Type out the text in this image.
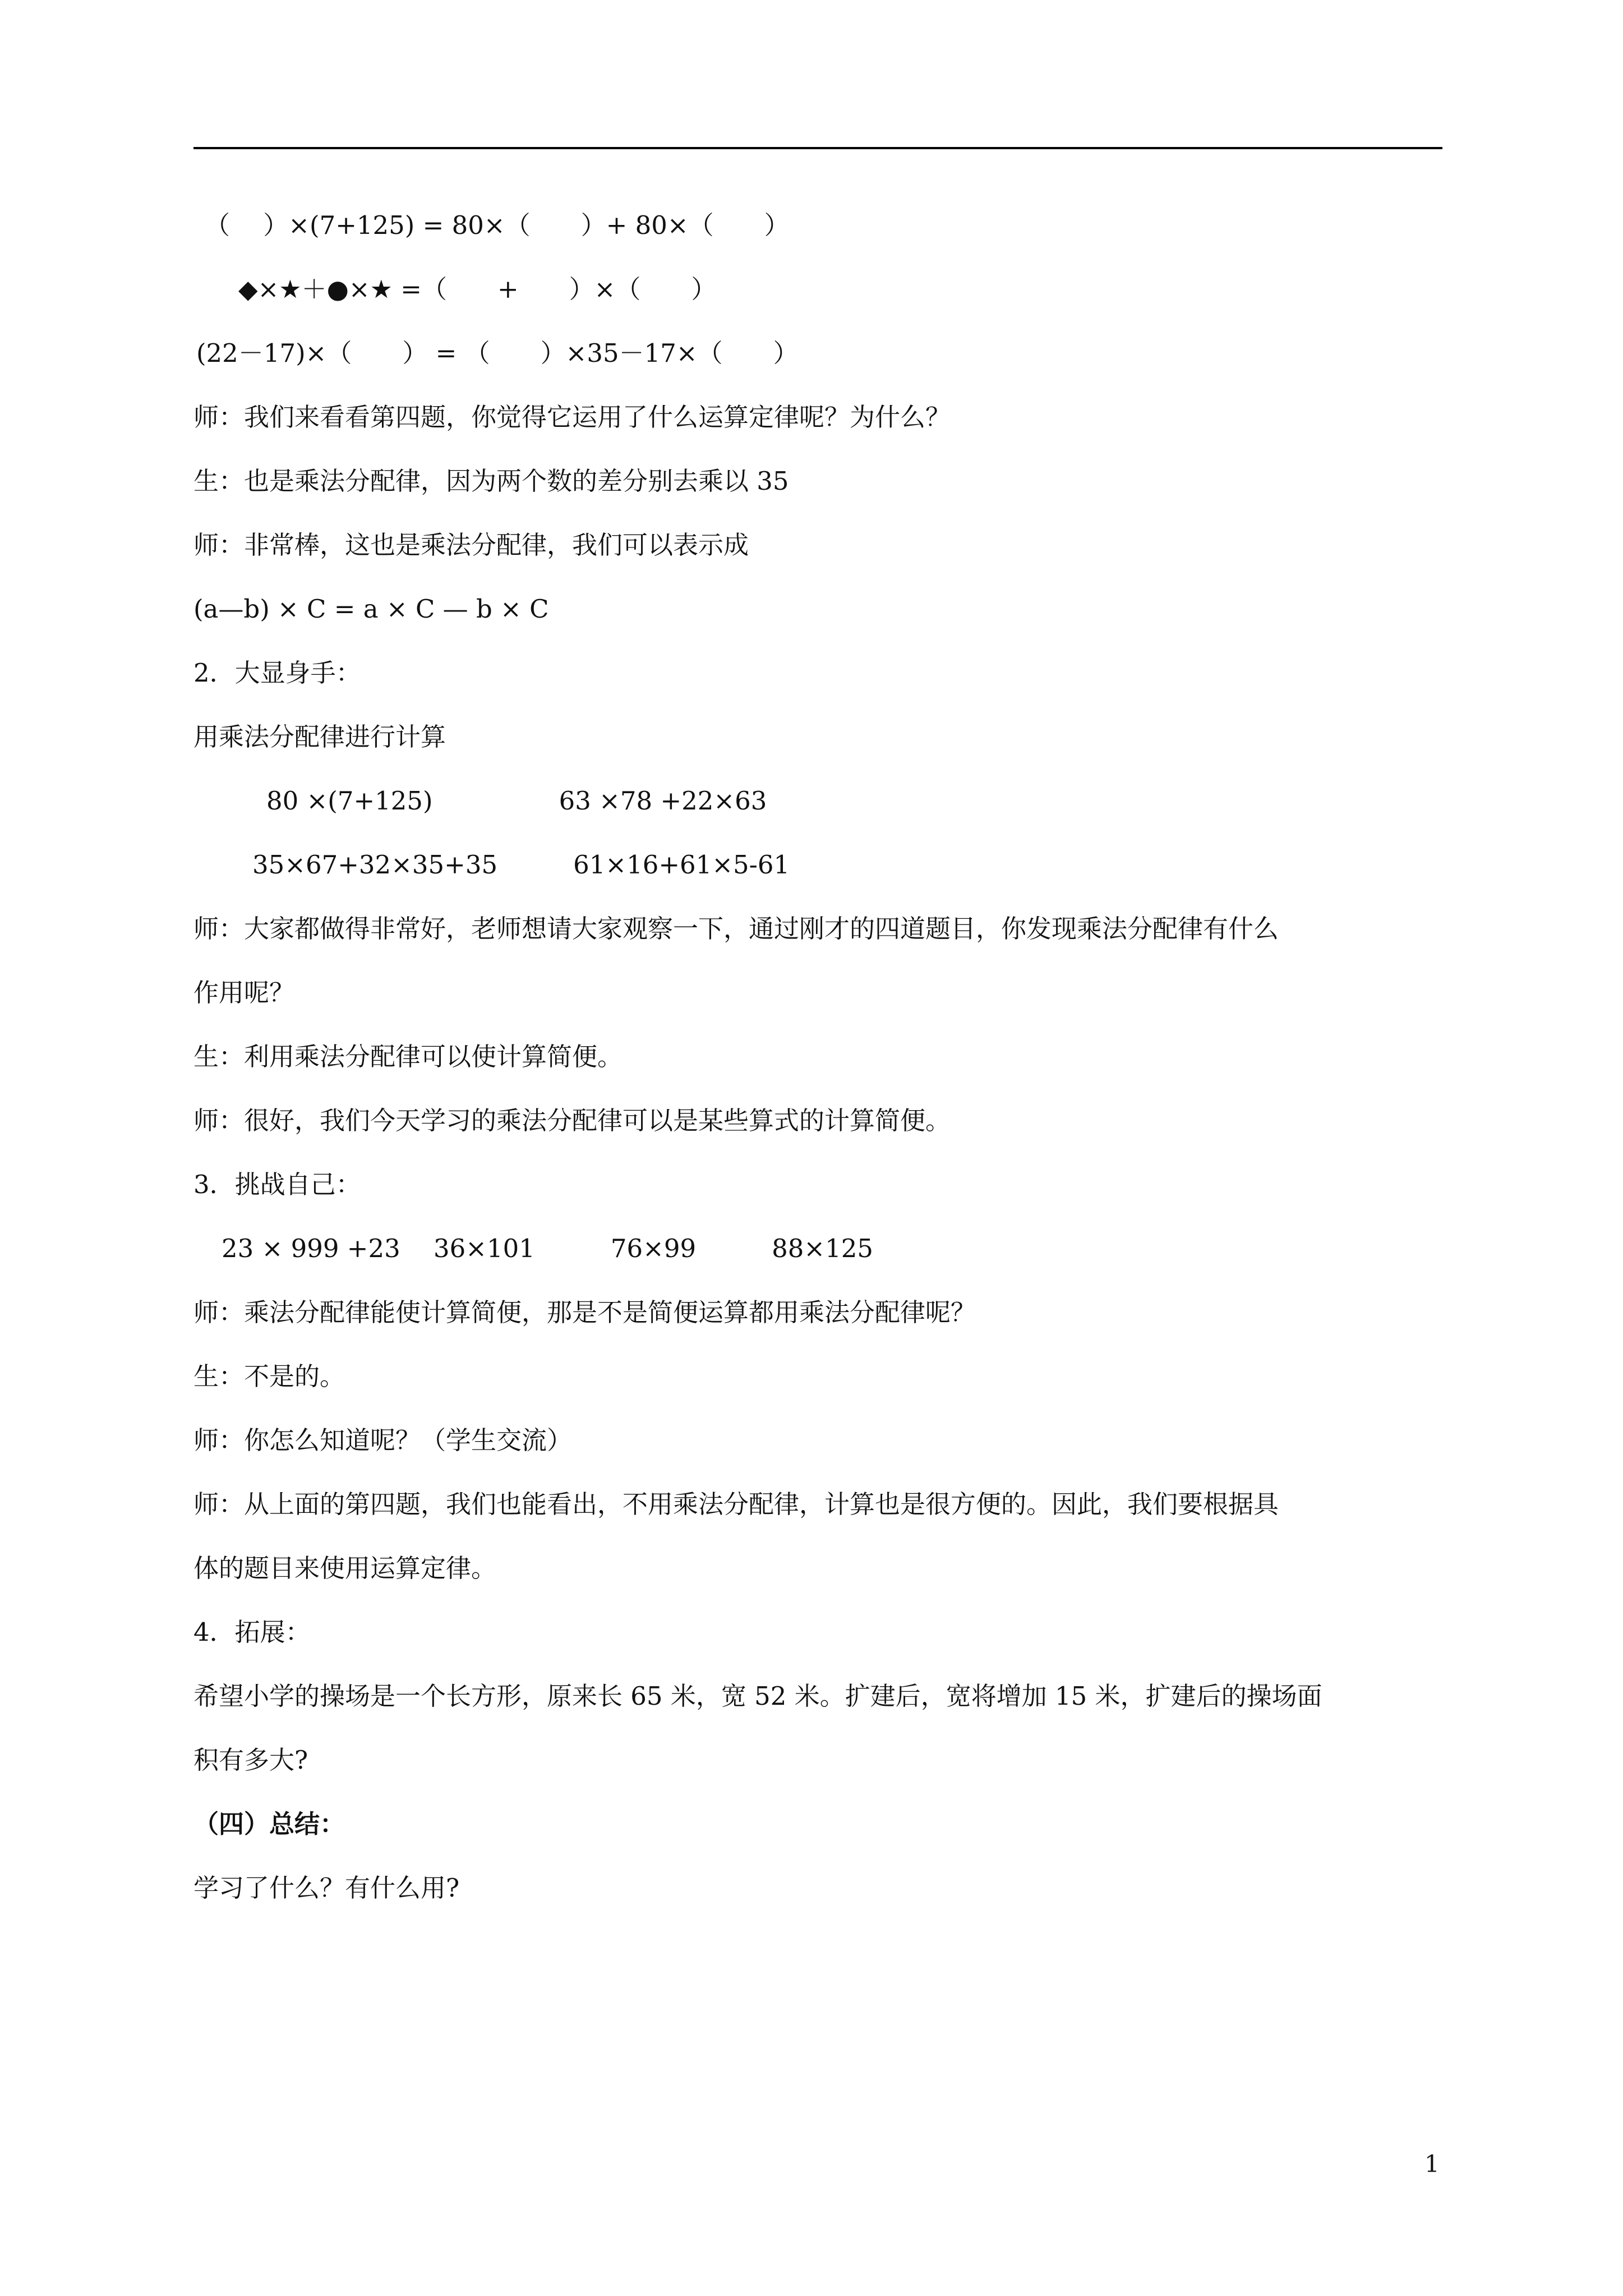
（　 ）×(7+125) = 80×（　　）+ 80×（　　）
◆×★＋●×★ =（　　+　　）×（　　）
(22－17)×（　　） = （　　）×35－17×（　　）
师：我们来看看第四题，你觉得它运用了什么运算定律呢？为什么？
生：也是乘法分配律，因为两个数的差分别去乘以 35
师：非常棒，这也是乘法分配律，我们可以表示成
(a—b) × C = a × C — b × C
2．大显身手：
用乘法分配律进行计算
80 ×(7+125)　　　　　63 ×78 +22×63
35×67+32×35+35　　　61×16+61×5-61
师：大家都做得非常好，老师想请大家观察一下，通过刚才的四道题目，你发现乘法分配律有什么
作用呢？
生：利用乘法分配律可以使计算简便。
师：很好，我们今天学习的乘法分配律可以是某些算式的计算简便。
3．挑战自己：
23 × 999 +23　 36×101　　　76×99　　　88×125
师：乘法分配律能使计算简便，那是不是简便运算都用乘法分配律呢？
生：不是的。
师：你怎么知道呢？（学生交流）
师：从上面的第四题，我们也能看出，不用乘法分配律，计算也是很方便的。因此，我们要根据具
体的题目来使用运算定律。
4．拓展：
希望小学的操场是一个长方形，原来长 65 米，宽 52 米。扩建后，宽将增加 15 米，扩建后的操场面
积有多大?
（四）总结：
学习了什么？有什么用?
1
